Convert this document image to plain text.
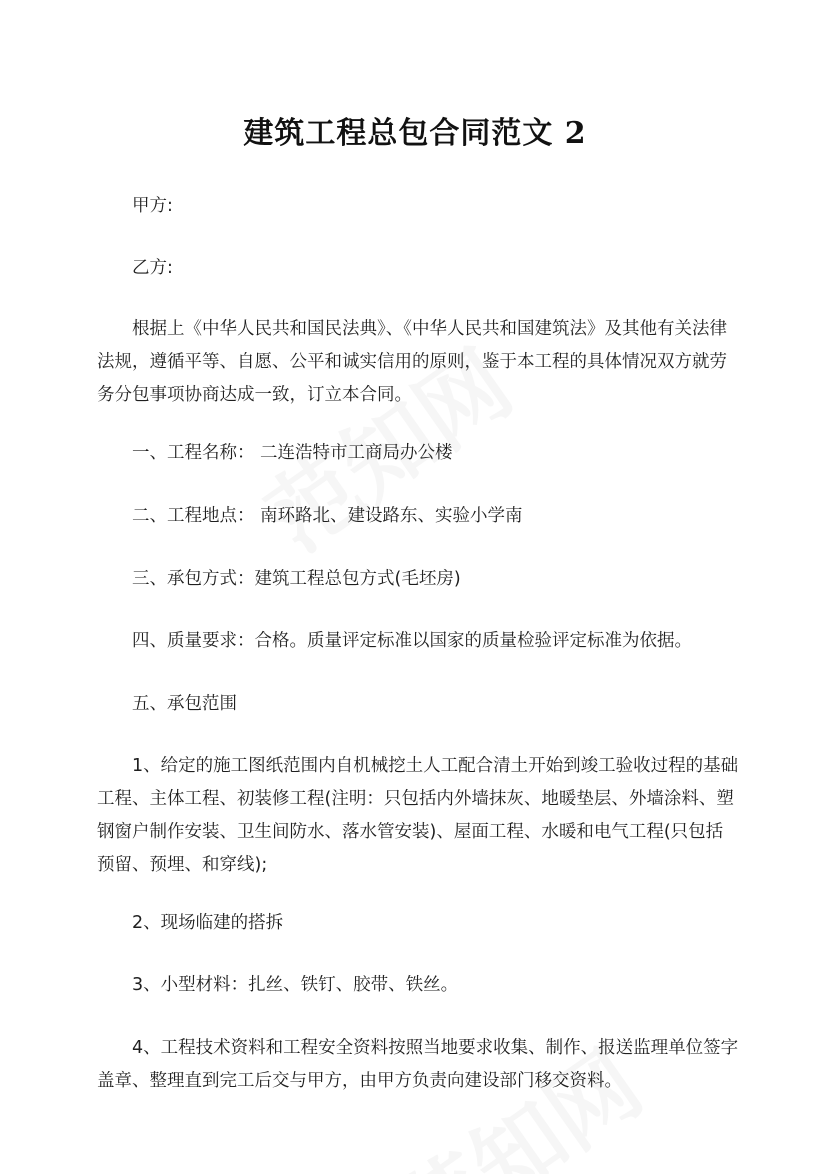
建筑工程总包合同范文 2

甲方:

乙方:

根据上《中华人民共和国民法典》、《中华人民共和国建筑法》及其他有关法律法规，遵循平等、自愿、公平和诚实信用的原则，鉴于本工程的具体情况双方就劳务分包事项协商达成一致，订立本合同。

一、工程名称： 二连浩特市工商局办公楼

二、工程地点： 南环路北、建设路东、实验小学南

三、承包方式：建筑工程总包方式(毛坯房)

四、质量要求：合格。质量评定标准以国家的质量检验评定标准为依据。

五、承包范围

1、给定的施工图纸范围内自机械挖土人工配合清土开始到竣工验收过程的基础工程、主体工程、初装修工程(注明：只包括内外墙抹灰、地暖垫层、外墙涂料、塑钢窗户制作安装、卫生间防水、落水管安装)、屋面工程、水暖和电气工程(只包括预留、预埋、和穿线);

2、现场临建的搭拆

3、小型材料：扎丝、铁钉、胶带、铁丝。

4、工程技术资料和工程安全资料按照当地要求收集、制作、报送监理单位签字盖章、整理直到完工后交与甲方，由甲方负责向建设部门移交资料。
